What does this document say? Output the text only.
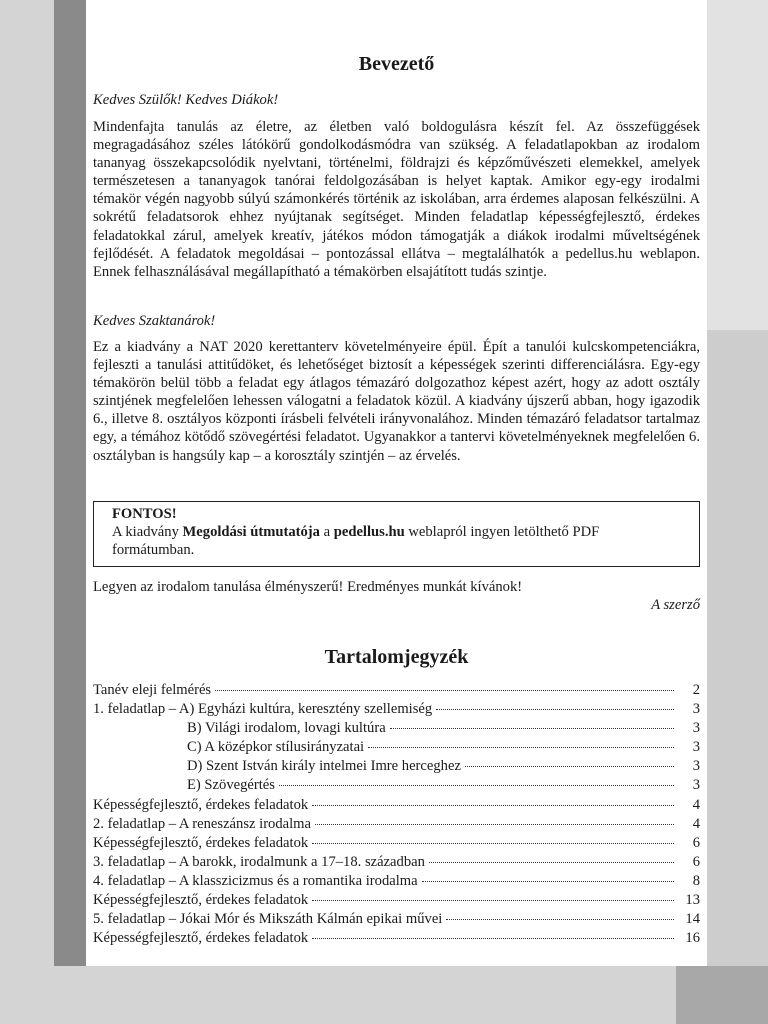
Bevezető

Kedves Szülők! Kedves Diákok!

Mindenfajta tanulás az életre, az életben való boldogulásra készít fel. Az összefüggések megragadásához széles látókörű gondolkodásmódra van szükség. A feladatlapokban az irodalom tananyag összekapcsolódik nyelvtani, történelmi, földrajzi és képzőművészeti elemekkel, amelyek természetesen a tananyagok tanórai feldolgozásában is helyet kaptak. Amikor egy-egy irodalmi témakör végén nagyobb súlyú számonkérés történik az iskolában, arra érdemes alaposan felkészülni. A sokrétű feladatsorok ehhez nyújtanak segítséget. Minden feladatlap képességfejlesztő, érdekes feladatokkal zárul, amelyek kreatív, játékos módon támogatják a diákok irodalmi műveltségének fejlődését. A feladatok megoldásai – pontozással ellátva – megtalálhatók a pedellus.hu weblapon. Ennek felhasználásával megállapítható a témakörben elsajátított tudás szintje.

Kedves Szaktanárok!

Ez a kiadvány a NAT 2020 kerettanterv követelményeire épül. Épít a tanulói kulcskompetenciákra, fejleszti a tanulási attitűdöket, és lehetőséget biztosít a képességek szerinti differenciálásra. Egy-egy témakörön belül több a feladat egy átlagos témazáró dolgozathoz képest azért, hogy az adott osztály szintjének megfelelően lehessen válogatni a feladatok közül. A kiadvány újszerű abban, hogy igazodik 6., illetve 8. osztályos központi írásbeli felvételi irányvonalához. Minden témazáró feladatsor tartalmaz egy, a témához kötődő szövegértési feladatot. Ugyanakkor a tantervi követelményeknek megfelelően 6. osztályban is hangsúly kap – a korosztály szintjén – az érvelés.

FONTOS!

A kiadvány Megoldási útmutatója a pedellus.hu weblapról ingyen letölthető PDF formátumban.

Legyen az irodalom tanulása élményszerű! Eredményes munkát kívánok!

A szerző

Tartalomjegyzék
Tanév eleji felmérés	2
1. feladatlap – A) Egyházi kultúra, keresztény szellemiség	3
B) Világi irodalom, lovagi kultúra	3
C) A középkor stílusirányzatai	3
D) Szent István király intelmei Imre herceghez	3
E) Szövegértés	3
Képességfejlesztő, érdekes feladatok	4
2. feladatlap – A reneszánsz irodalma	4
Képességfejlesztő, érdekes feladatok	6
3. feladatlap – A barokk, irodalmunk a 17–18. században	6
4. feladatlap – A klasszicizmus és a romantika irodalma	8
Képességfejlesztő, érdekes feladatok	13
5. feladatlap – Jókai Mór és Mikszáth Kálmán epikai művei	14
Képességfejlesztő, érdekes feladatok	16
